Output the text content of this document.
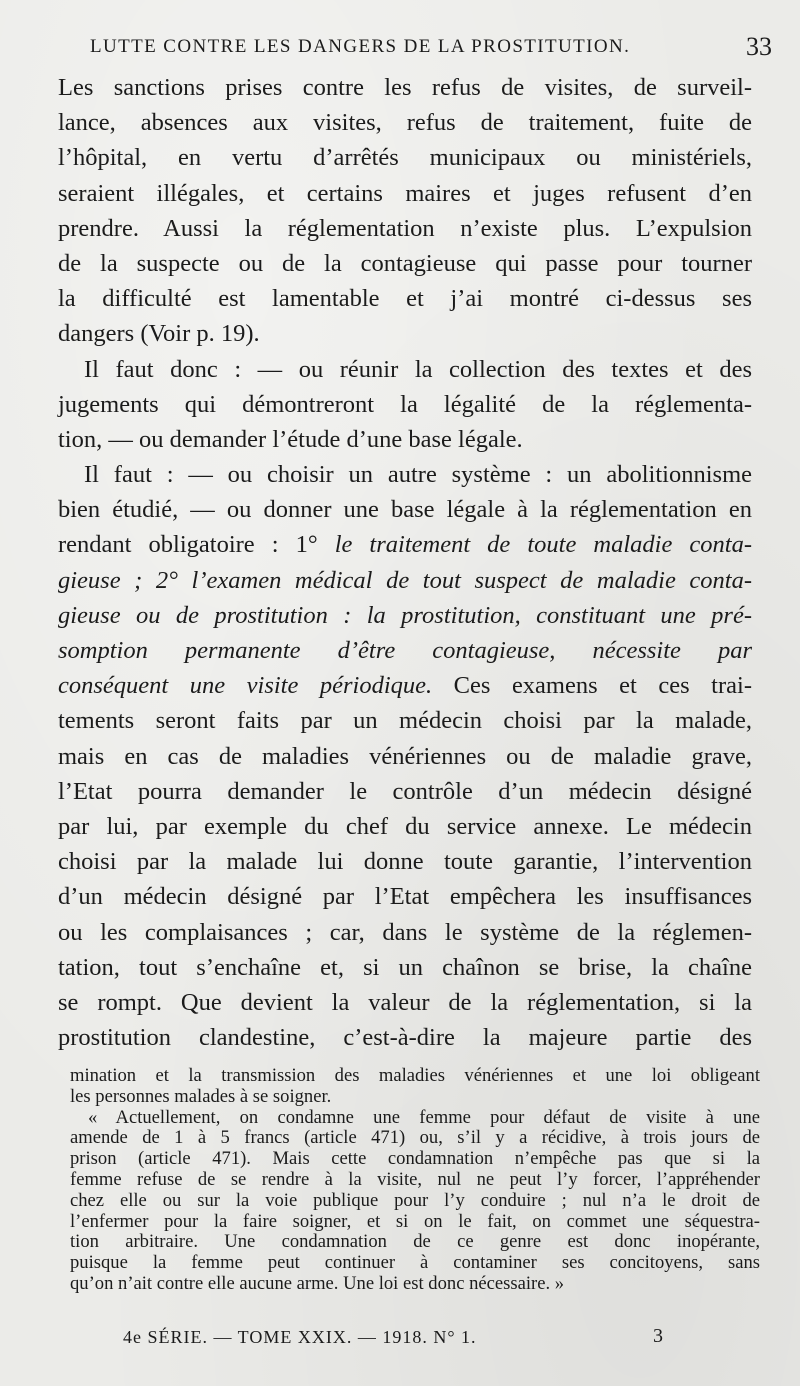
LUTTE CONTRE LES DANGERS DE LA PROSTITUTION.	33
Les sanctions prises contre les refus de visites, de surveil-
lance, absences aux visites, refus de traitement, fuite de
l’hôpital, en vertu d’arrêtés municipaux ou ministériels,
seraient illégales, et certains maires et juges refusent d’en
prendre. Aussi la réglementation n’existe plus. L’expulsion
de la suspecte ou de la contagieuse qui passe pour tourner
la difficulté est lamentable et j’ai montré ci-dessus ses
dangers (Voir p. 19).
Il faut donc : — ou réunir la collection des textes et des
jugements qui démontreront la légalité de la réglementa-
tion, — ou demander l’étude d’une base légale.
Il faut : — ou choisir un autre système : un abolitionnisme
bien étudié, — ou donner une base légale à la réglementation en
rendant obligatoire : 1° le traitement de toute maladie conta-
gieuse ; 2° l’examen médical de tout suspect de maladie conta-
gieuse ou de prostitution : la prostitution, constituant une pré-
somption permanente d’être contagieuse, nécessite par
conséquent une visite périodique. Ces examens et ces trai-
tements seront faits par un médecin choisi par la malade,
mais en cas de maladies vénériennes ou de maladie grave,
l’Etat pourra demander le contrôle d’un médecin désigné
par lui, par exemple du chef du service annexe. Le médecin
choisi par la malade lui donne toute garantie, l’intervention
d’un médecin désigné par l’Etat empêchera les insuffisances
ou les complaisances ; car, dans le système de la réglemen-
tation, tout s’enchaîne et, si un chaînon se brise, la chaîne
se rompt. Que devient la valeur de la réglementation, si la
prostitution clandestine, c’est-à-dire la majeure partie des
mination et la transmission des maladies vénériennes et une loi obligeant
les personnes malades à se soigner.
« Actuellement, on condamne une femme pour défaut de visite à une
amende de 1 à 5 francs (article 471) ou, s’il y a récidive, à trois jours de
prison (article 471). Mais cette condamnation n’empêche pas que si la
femme refuse de se rendre à la visite, nul ne peut l’y forcer, l’appréhender
chez elle ou sur la voie publique pour l’y conduire ; nul n’a le droit de
l’enfermer pour la faire soigner, et si on le fait, on commet une séquestra-
tion arbitraire. Une condamnation de ce genre est donc inopérante,
puisque la femme peut continuer à contaminer ses concitoyens, sans
qu’on n’ait contre elle aucune arme. Une loi est donc nécessaire. »
4e SÉRIE. — TOME XXIX. — 1918. N° 1.	3
